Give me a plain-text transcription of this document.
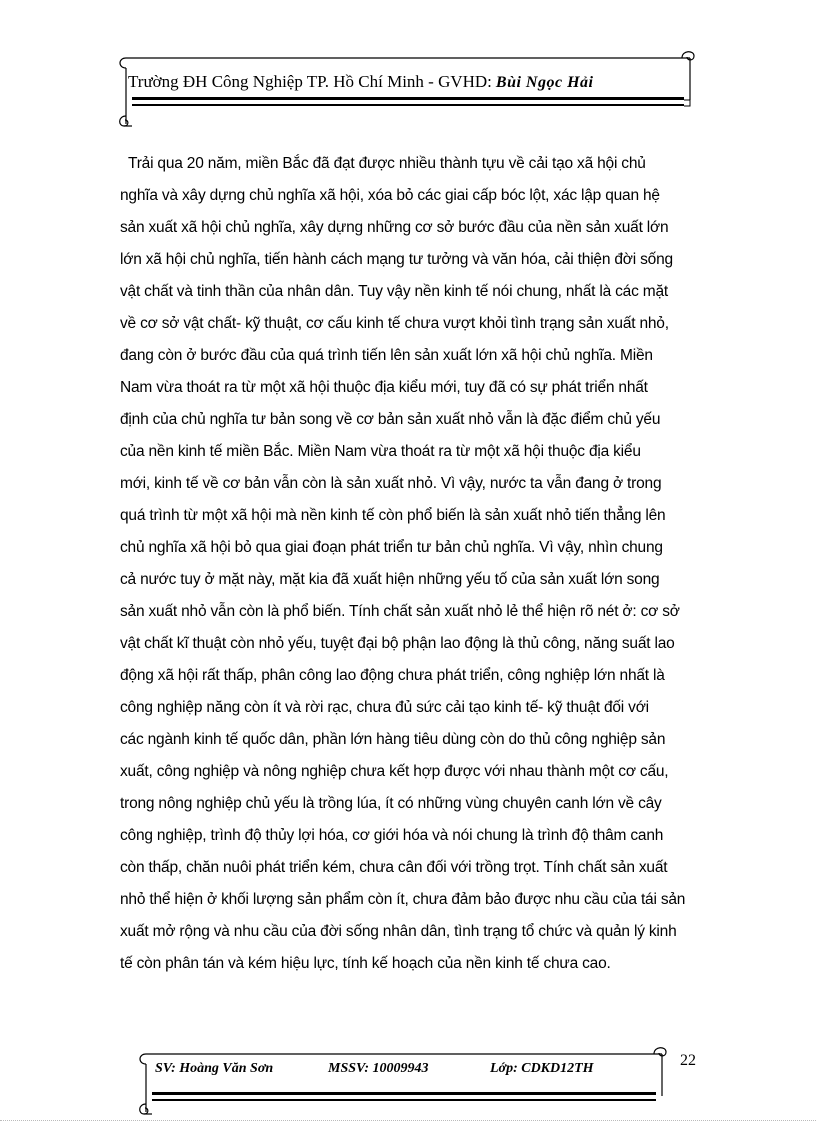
Trường ĐH Công Nghiệp TP. Hồ Chí Minh - GVHD: Bùi Ngọc Hải

Trải qua 20 năm, miền Bắc đã đạt được nhiều thành tựu về cải tạo xã hội chủ
nghĩa và xây dựng chủ nghĩa xã hội, xóa bỏ các giai cấp bóc lột, xác lập quan hệ
sản xuất xã hội chủ nghĩa, xây dựng những cơ sở bước đầu của nền sản xuất lớn
lớn xã hội chủ nghĩa, tiến hành cách mạng tư tưởng và văn hóa, cải thiện đời sống
vật chất và tinh thần của nhân dân. Tuy vậy nền kinh tế nói chung, nhất là các mặt
về cơ sở vật chất- kỹ thuật, cơ cấu kinh tế chưa vượt khỏi tình trạng sản xuất nhỏ,
đang còn ở bước đầu của quá trình tiến lên sản xuất lớn xã hội chủ nghĩa. Miền
Nam vừa thoát ra từ một xã hội thuộc địa kiểu mới, tuy đã có sự phát triển nhất
định của chủ nghĩa tư bản song về cơ bản sản xuất nhỏ vẫn là đặc điểm chủ yếu
của nền kinh tế miền Bắc. Miền Nam vừa thoát ra từ một xã hội thuộc địa kiểu
mới, kinh tế về cơ bản vẫn còn là sản xuất nhỏ. Vì vậy, nước ta vẫn đang ở trong
quá trình từ một xã hội mà nền kinh tế còn phổ biến là sản xuất nhỏ tiến thẳng lên
chủ nghĩa xã hội bỏ qua giai đoạn phát triển tư bản chủ nghĩa. Vì vậy, nhìn chung
cả nước tuy ở mặt này, mặt kia đã xuất hiện những yếu tố của sản xuất lớn song
sản xuất nhỏ vẫn còn là phổ biến. Tính chất sản xuất nhỏ lẻ thể hiện rõ nét ở: cơ sở
vật chất kĩ thuật còn nhỏ yếu, tuyệt đại bộ phận lao động là thủ công, năng suất lao
động xã hội rất thấp, phân công lao động chưa phát triển, công nghiệp lớn nhất là
công nghiệp năng còn ít và rời rạc, chưa đủ sức cải tạo kinh tế- kỹ thuật đối với
các ngành kinh tế quốc dân, phần lớn hàng tiêu dùng còn do thủ công nghiệp sản
xuất, công nghiệp và nông nghiệp chưa kết hợp được với nhau thành một cơ cấu,
trong nông nghiệp chủ yếu là trồng lúa, ít có những vùng chuyên canh lớn về cây
công nghiệp, trình độ thủy lợi hóa, cơ giới hóa và nói chung là trình độ thâm canh
còn thấp, chăn nuôi phát triển kém, chưa cân đối với trồng trọt. Tính chất sản xuất
nhỏ thể hiện ở khối lượng sản phẩm còn ít, chưa đảm bảo được nhu cầu của tái sản
xuất mở rộng và nhu cầu của đời sống nhân dân, tình trạng tổ chức và quản lý kinh
tế còn phân tán và kém hiệu lực, tính kế hoạch của nền kinh tế chưa cao.

SV: Hoàng Văn Sơn	MSSV: 10009943	Lớp: CDKD12TH	22
